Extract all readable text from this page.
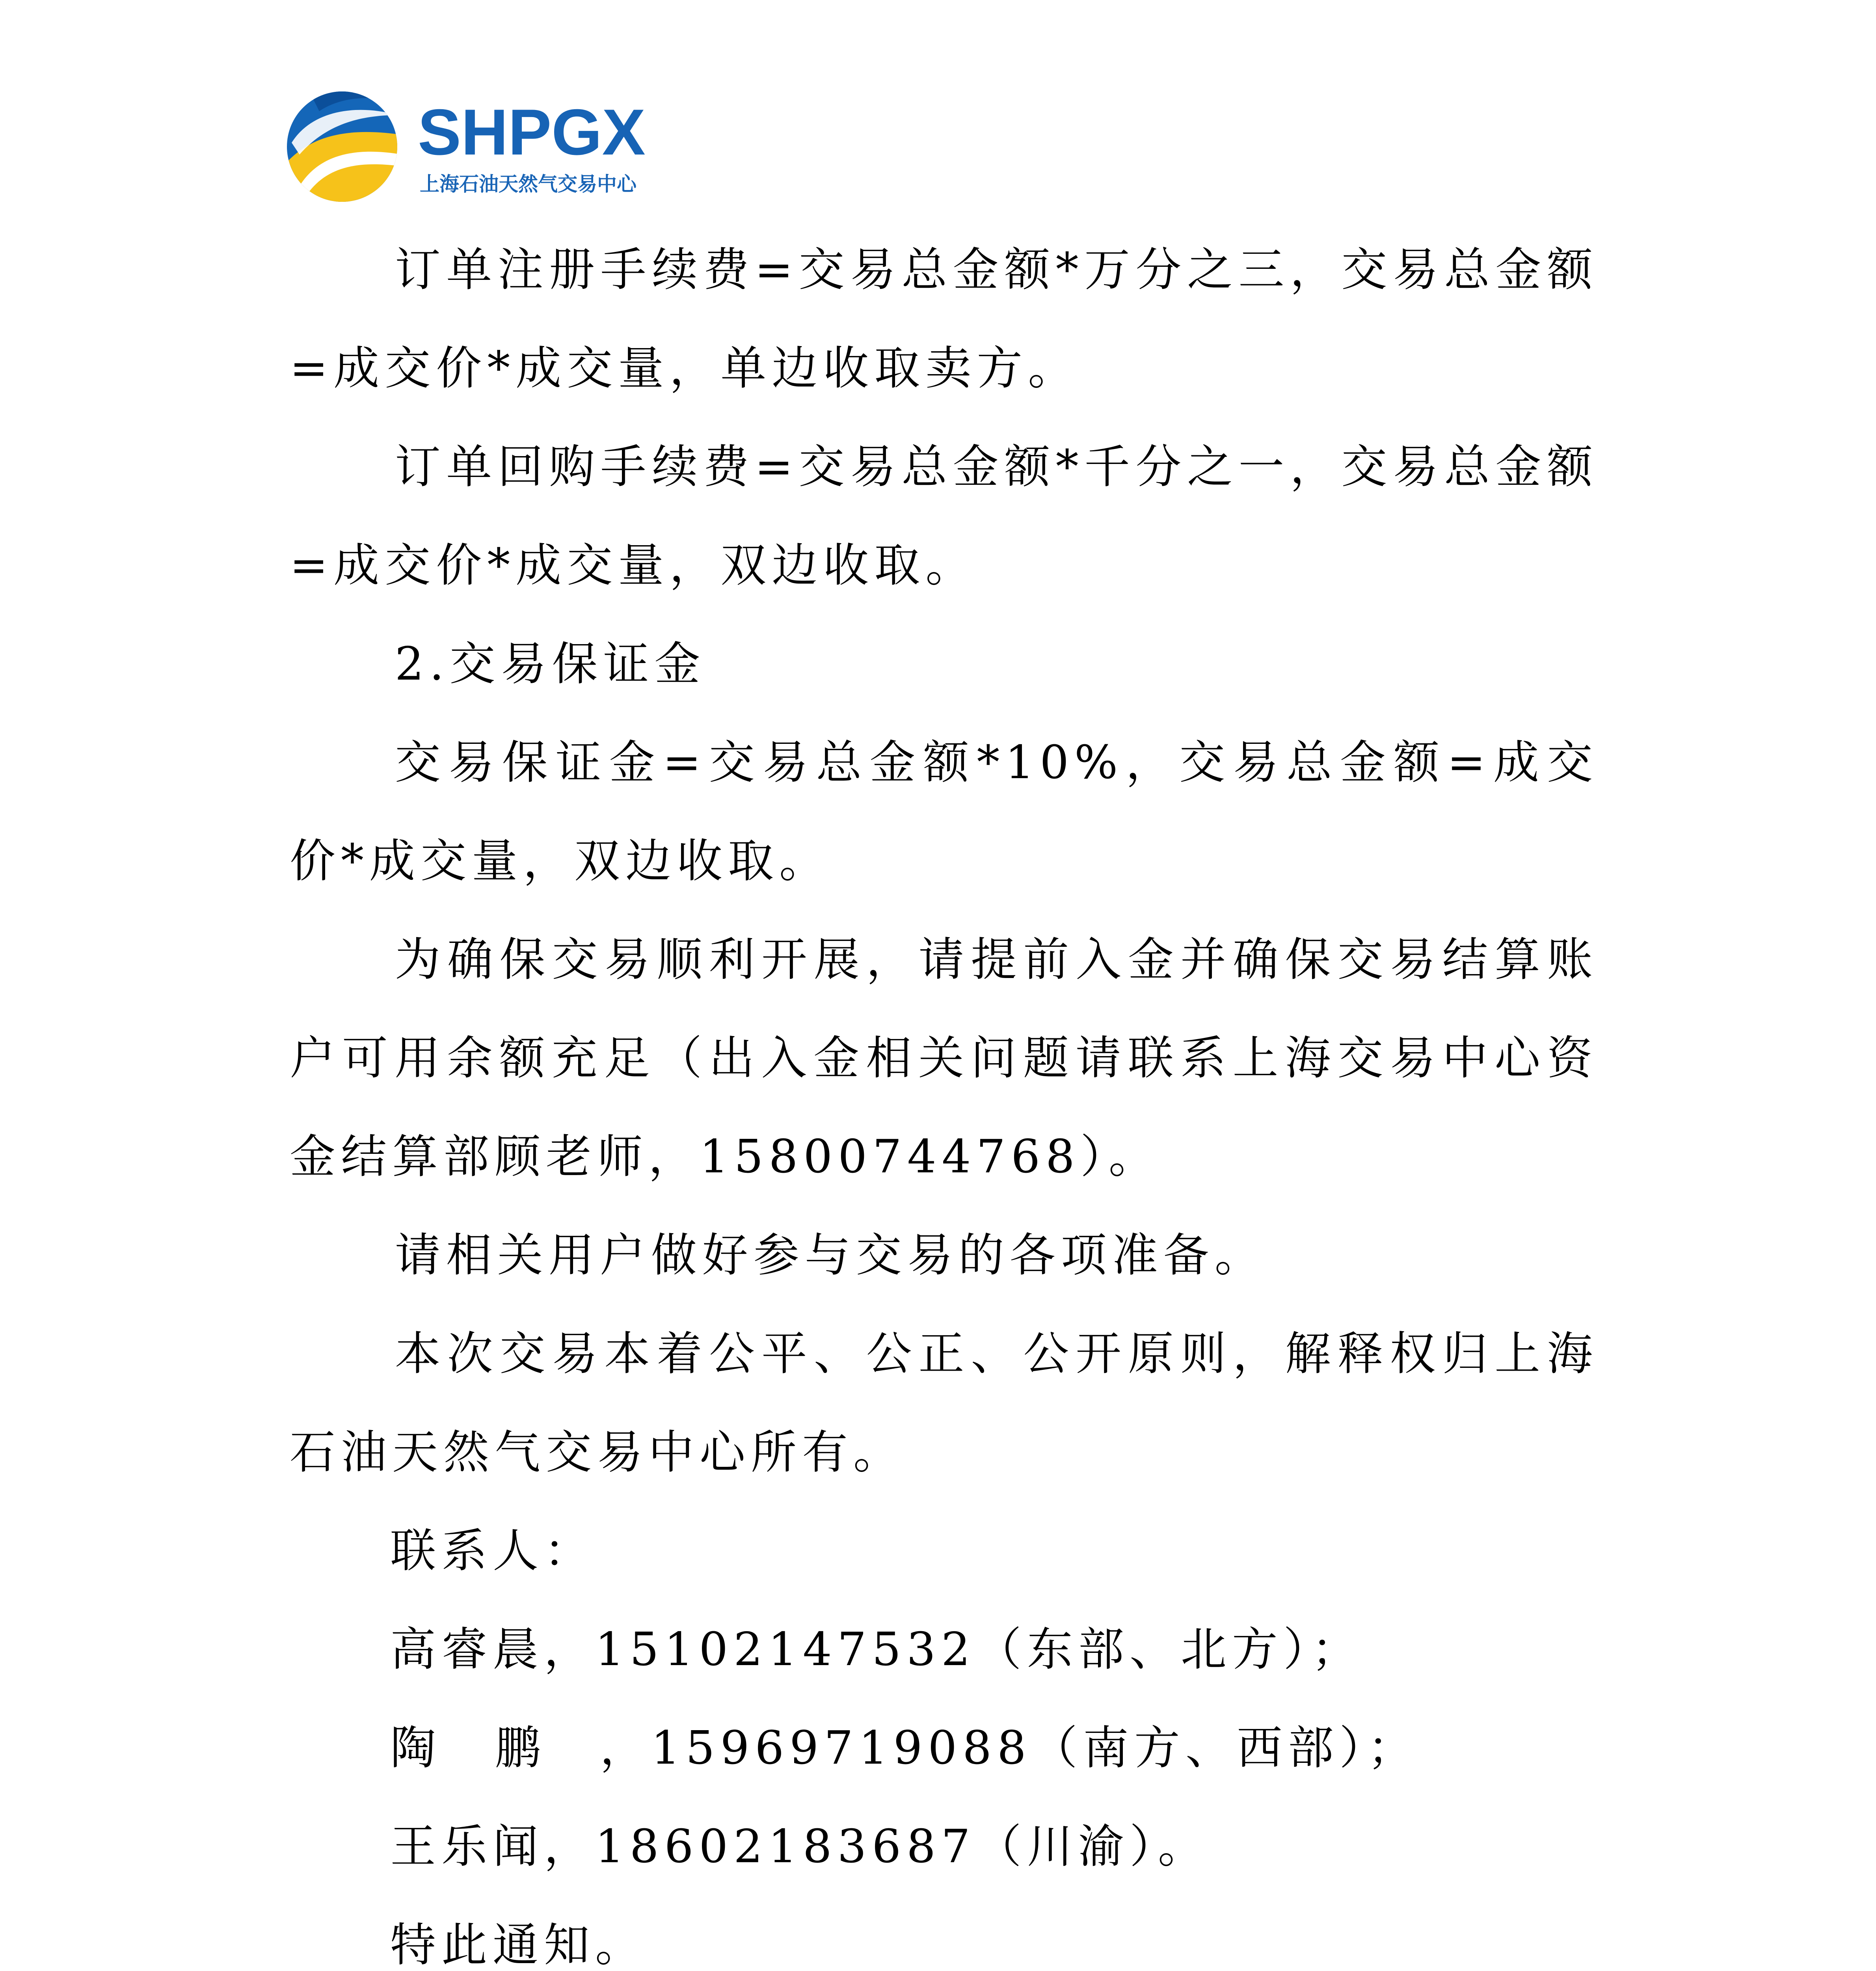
SHPGX
上海石油天然气交易中心

订单注册手续费=交易总金额*万分之三，交易总金额=成交价*成交量，单边收取卖方。

订单回购手续费=交易总金额*千分之一，交易总金额=成交价*成交量，双边收取。

2.交易保证金

交易保证金=交易总金额*10%，交易总金额=成交价*成交量，双边收取。

为确保交易顺利开展，请提前入金并确保交易结算账户可用余额充足（出入金相关问题请联系上海交易中心资金结算部顾老师，15800744768）。

请相关用户做好参与交易的各项准备。

本次交易本着公平、公正、公开原则，解释权归上海石油天然气交易中心所有。

联系人：

高睿晨，15102147532（东部、北方）；

陶鹏，15969719088（南方、西部）；

王乐闻，18602183687（川渝）。

特此通知。
